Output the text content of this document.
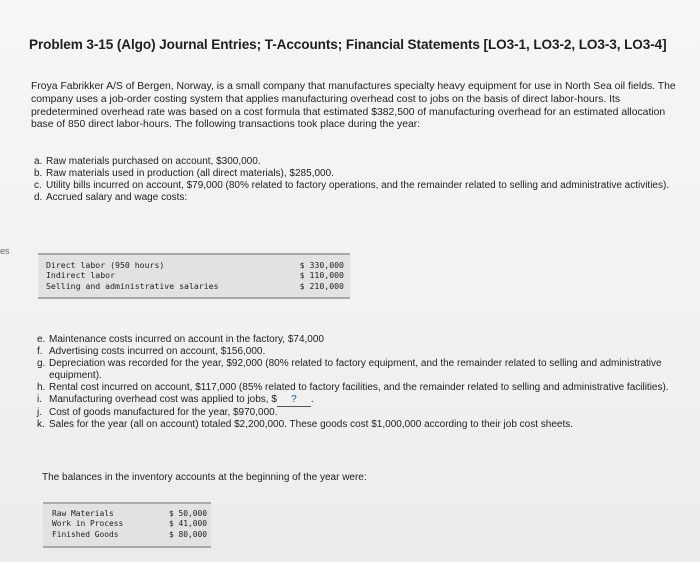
es
Problem 3-15 (Algo) Journal Entries; T-Accounts; Financial Statements [LO3-1, LO3-2, LO3-3, LO3-4]
Froya Fabrikker A/S of Bergen, Norway, is a small company that manufactures specialty heavy equipment for use in North Sea oil fields. The company uses a job-order costing system that applies manufacturing overhead cost to jobs on the basis of direct labor-hours. Its predetermined overhead rate was based on a cost formula that estimated $382,500 of manufacturing overhead for an estimated allocation base of 850 direct labor-hours. The following transactions took place during the year:
a. Raw materials purchased on account, $300,000.
b. Raw materials used in production (all direct materials), $285,000.
c. Utility bills incurred on account, $79,000 (80% related to factory operations, and the remainder related to selling and administrative activities).
d. Accrued salary and wage costs:
Direct labor (950 hours)	$ 330,000
Indirect labor	$ 110,000
Selling and administrative salaries	$ 210,000
e. Maintenance costs incurred on account in the factory, $74,000
f. Advertising costs incurred on account, $156,000.
g. Depreciation was recorded for the year, $92,000 (80% related to factory equipment, and the remainder related to selling and administrative equipment).
h. Rental cost incurred on account, $117,000 (85% related to factory facilities, and the remainder related to selling and administrative facilities).
i. Manufacturing overhead cost was applied to jobs, $ ? .
j. Cost of goods manufactured for the year, $970,000.
k. Sales for the year (all on account) totaled $2,200,000. These goods cost $1,000,000 according to their job cost sheets.
The balances in the inventory accounts at the beginning of the year were:
Raw Materials	$ 50,000
Work in Process	$ 41,000
Finished Goods	$ 80,000
